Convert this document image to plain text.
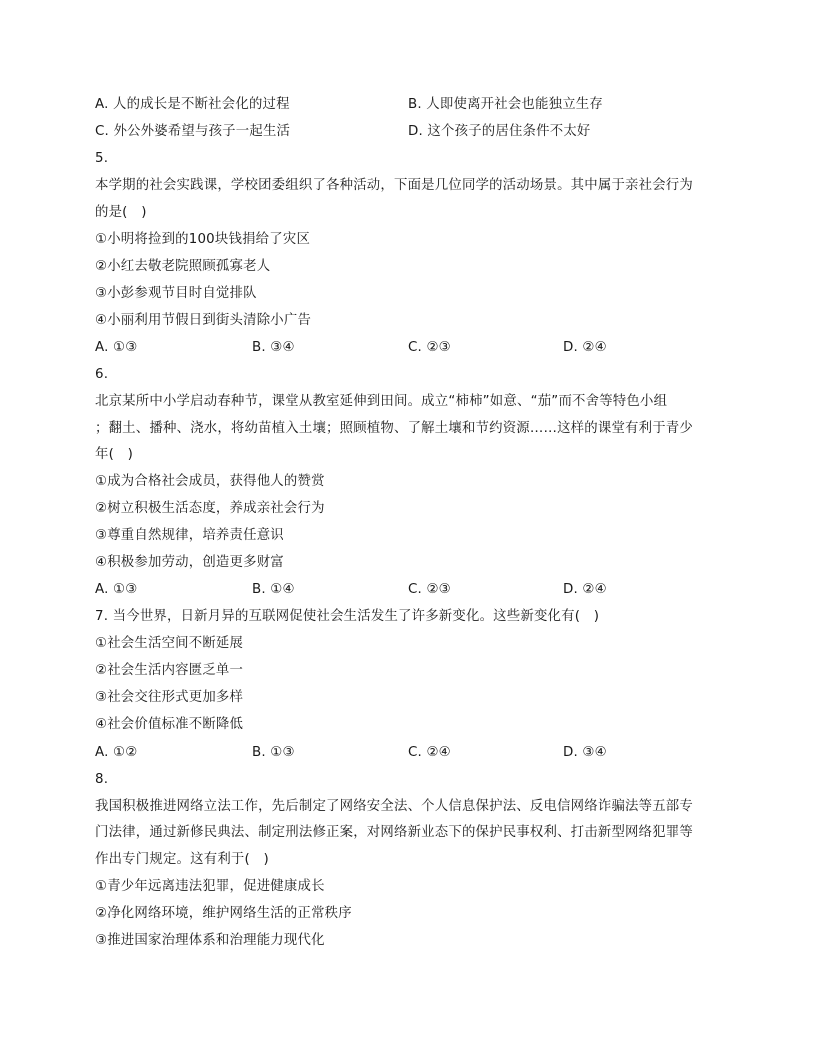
A. 人的成长是不断社会化的过程	B. 人即使离开社会也能独立生存
C. 外公外婆希望与孩子一起生活	D. 这个孩子的居住条件不太好
5.
本学期的社会实践课，学校团委组织了各种活动，下面是几位同学的活动场景。其中属于亲社会行为
的是(　)
①小明将捡到的100块钱捐给了灾区
②小红去敬老院照顾孤寡老人
③小彭参观节目时自觉排队
④小丽利用节假日到街头清除小广告
A. ①③	B. ③④	C. ②③	D. ②④
6.
北京某所中小学启动春种节，课堂从教室延伸到田间。成立“柿柿”如意、“茄”而不舍等特色小组
；翻土、播种、浇水，将幼苗植入土壤；照顾植物、了解土壤和节约资源……这样的课堂有利于青少
年(　)
①成为合格社会成员，获得他人的赞赏
②树立积极生活态度，养成亲社会行为
③尊重自然规律，培养责任意识
④积极参加劳动，创造更多财富
A. ①③	B. ①④	C. ②③	D. ②④
7. 当今世界，日新月异的互联网促使社会生活发生了许多新变化。这些新变化有(　)
①社会生活空间不断延展
②社会生活内容匮乏单一
③社会交往形式更加多样
④社会价值标准不断降低
A. ①②	B. ①③	C. ②④	D. ③④
8.
我国积极推进网络立法工作，先后制定了网络安全法、个人信息保护法、反电信网络诈骗法等五部专
门法律，通过新修民典法、制定刑法修正案，对网络新业态下的保护民事权利、打击新型网络犯罪等
作出专门规定。这有利于(　)
①青少年远离违法犯罪，促进健康成长
②净化网络环境，维护网络生活的正常秩序
③推进国家治理体系和治理能力现代化
